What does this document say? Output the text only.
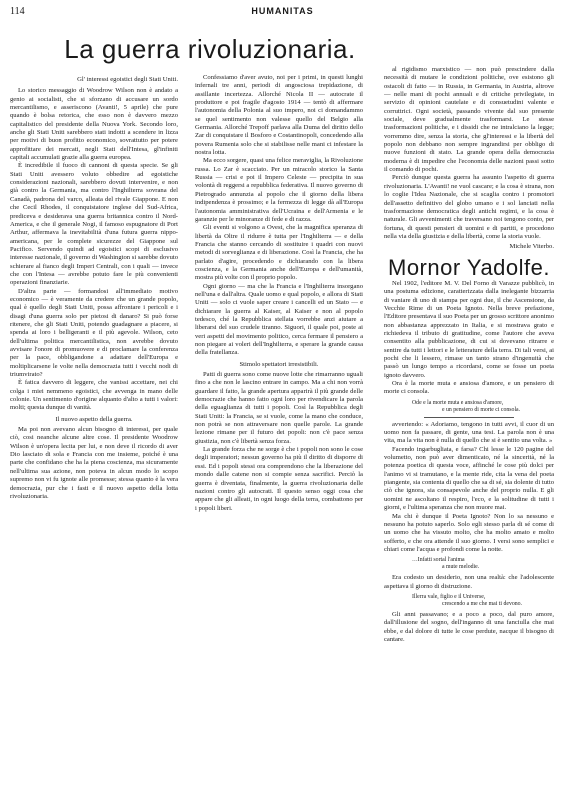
114	HUMANITAS
La guerra rivoluzionaria.
Gl' interessi egoistici degli Stati Uniti.

Lo storico messaggio di Woodrow Wilson non è andato a genio ai socialisti, che si sforzano di accusare un sordo mercantilismo, e asseriscono (Avanti!, 5 aprile) che pure quando è bolsa retorica, che esso non è davvero mezzo capitalistico del presidente della Nuova York. Secondo loro, anche gli Stati Uniti sarebbero stati indotti a scendere in lizza per motivi di buon profitto economico, sovrattutto per potere approfittare dei mercati, negli Stati dell'Intesa, gl'infiniti capitali accumulati grazie alla guerra europea.

È incredibile il fuoco di cannoni di questa specie. Se gli Stati Uniti avessero voluto obbedire ad egoistiche considerazioni nazionali, sarebbero dovuti intervenire, e non già contro la Germania, ma contro l'Inghilterra sovrana del Canadà, padrona del varco, alleata del rivale Giappone. E non che Cecil Rhodes, il conquistatore inglese del Sud-Africa, prediceva e desiderava una guerra britannica contro il Nord-America, e che il generale Nogi, il famoso espugnatore di Port Arthur, affermava la inevitabilità d'una futura guerra nippo-americana, per le complete sicurezze del Giappone sul Pacifico. Servendo quindi ad egoistici scopi di esclusivo interesse nazionale, il governo di Washington si sarebbe dovuto schierare al fianco degli Imperi Centrali, con i quali — invece che con l'Intesa — avrebbe potuto fare le più convenienti operazioni finanziarie.

D'altra parte — formandosi all'immediato motivo economico — è veramente da credere che un grande popolo, qual è quello degli Stati Uniti, possa affrontare i pericoli e i disagi d'una guerra solo per pietosi di danaro? Si può forse ritenere, che gli Stati Uniti, potendo guadagnare a piacere, si spenda ai loro i belligeranti e il più agevole. Wilson, ceto dell'ultima politica mercantilistica, non avrebbe dovuto avvisare l'onore di promuovere e di proclamare la conferenza per la pace, obbligandone a adattare dell'Europa e moltiplicarsene le volte nella democrazia tutti i vecchi nodi di triumvirato?

È fatica davvero di leggere, che vanissi accettare, nei chi colga i miei nemmeno egoistici, che avvenga in mano delle colonie. Un sentimento d'origine alquanto d'alto a tutti i valori: molti; questa dunque di vanità.

Il nuovo aspetto della guerra.

Ma poi non avevano alcun bisogno di interessi, per quale ciò, cosi neanche alcune altre cose. Il presidente Woodrow Wilson è un'opera lecita per lui, e non deve il ricordo di aver Dio lasciato di sola e Francia con me insieme, poiché è una parte che confidano che ha la piena coscienza, ma sicuramente nell'ultima sua azione, non poteva in alcun modo lo scopo supremo non vi fu ignote alle promesse; stessa quanto è la vera democrazia, pur che i fasti e il nuovo aspetto della lotta rivoluzionaria.

Confessiamo d'aver avuto, noi per i primi, in questi lunghi infernali tre anni, periodi di angosciosa trepidazione, di assillante incertezza. Allorché Nicola II — autocrate il produttore e poi fragile d'agosto 1914 — tentò di affermare l'autonomia della Polonia al suo impero, noi ci domandammo se quel sentimento non valesse quello del Belgio alla Germania. Allorché Trepoff parlava alla Duma del diritto dello Zar di conquistare il Bosforo e Costantinopoli, concedendo alla povera Rumenia solo che si stabilisse nelle mani ci infestare la nostra lotta.

Ma ecco sorgere, quasi una felice meraviglia, la Rivoluzione russa. Lo Zar è scacciato. Per un miracolo storico la Santa Russia — crisi e poi il Impero Celeste — precipita in sua volontà di reggersi a repubblica federativa. Il nuovo governo di Pietrogrado annunzia al popolo che il giorno della libera indipendenza è prossimo; e la fermezza di legge dà all'Europa l'autonomia amministrativa dell'Ucraina e dell'Armenia e le garanzie per le minoranze di fede e di razza.

Gli eventi si volgono a Ovest, che la magnifica speranza di libertà da Oltre il ridurre è tutta per l'Inghilterra — e della Francia che stanno cercando di sostituire i quadri con nuovi metodi di sorveglianza e di liberazione. Così la Francia, che ha parlato d'agire, procedendo e dichiarando con la libera coscienza, e la Germania anche dell'Europa e dell'umanità, mostra più volte con il proprio popolo.

Ogni giorno — ma che la Francia e l'Inghilterra insorgano nell'una e dall'altra. Quale uomo e qual popolo, e allora di Stati Uniti — solo ci vuole saper creare i cancelli ed un Stato — e dichiarare la guerra al Kaiser, al Kaiser e non al popolo tedesco, ché la Repubblica stellata vorrebbe anzi aiutare a liberarsi del suo crudele tiranno. Siguori, il quale poi, poste ai veri aspetti del movimento politico, cerca fermare il pensiero a non piegare ai voleri dell'Inghilterra, e sperare la grande causa della fratellanza.

Stimolo spettatori irresistibili.

Patti di guerra sono come nuove lotte che rimarranno uguali fino a che non le lascino entrare in campo. Ma a chi non vorrà guardare il fatto, la grande apertura apparirà il più grande delle democrazie che hanno fatto ogni loro per rivendicare la parola della eguaglianza di tutti i popoli. Così la Repubblica degli Stati Uniti: la Francia, se si vuole, come la mano che conduce, non potrà se non attraversare non quelle parole. La grande lezione rimane per il futuro dei popoli: non c'è pace senza giustizia, non c'è libertà senza forza.

La grande forza che ne sorge è che i popoli non sono le cose degli imperatori; nessun governo ha più il diritto di disporre di essi. Ed i popoli stessi ora comprendono che la liberazione del mondo dalle catene non si compie senza sacrifici. Perciò la guerra è diventata, finalmente, la guerra rivoluzionaria delle nazioni contro gli autocrati. Il questo senso oggi cosa che appare che gli alleati, in ogni luogo della terra, combattono per i popoli liberi.

al rigidismo marxistico — non può prescindere dalla necessità di mutare le condizioni politiche, ove esistono gli ostacoli di fatto — in Russia, in Germania, in Austria, altrove — nelle mani di pochi annuali e di critiche privilegiate, in servizio di opinioni cautelate e di consuetudini valente e corruttrici. Ogni società, passando vivente dal suo presente sociale, deve gradualmente trasformarsi. Le stesse trasformazioni politiche, e i dissidi che ne intralciano la legge; vorremmo dire, senza la storia, che gl'interessi e la libertà del popolo non debbano non sempre ingrandirsi per obbligo di nuove funzioni di stato. La grande opera della democrazia moderna è di impedire che l'economia delle nazioni passi sotto il comando di pochi.

Perciò dunque questa guerra ha assunto l'aspetto di guerra rivoluzionaria. L'Avanti! ne vuol cascare; e la cosa è strana, non lo coglie l'Idea Nazionale, che si scaglia contro i promotori dell'assetto definitivo del globo umano e i sol lanciati nella trasformazione democratica degli antichi regimi, e la cosa è naturale. Gli avvenimenti che traversano noi tengono conto, per fortuna, di questi pensieri di uomini e di partiti, e procedono nella via della giustizia e della libertà, come la storia vuole.

Michele Viterbo.
Mornor Yadolfe.

Nel 1902, l'editore M. V. Del Forno di Varazze pubblicò, in una postuma edizione, caratterizzata dalla inelegante bizzarria di vaniare di uno di stampa per ogni due, il che Ascensione, da Vecchie Rime di un Poeta Ignoto. Nella breve prefazione, l'Editore presentava il suo Poeta per un grosso scrittore anonimo non abbastanza apprezzato in Italia, e si mostrava grato e richiedeva il tributo di gratitudine, come l'autore che aveva consentito alla pubblicazione, di cui si dovevano ritrarre e sentire da tutti i lettori e le letterature della terra. Di tali versi, ai pochi che li lessero, rimase un tanto strano d'ingenuità che passò un lungo tempo a ricordarsi, come se fosse un poeta ignoto davvero.

Ora è la morte muta e ansiosa d'amore, e un pensiero di morte ci consola.

Ode e la morte muta e ansiosa d'amore,
e un pensiero di morte ci consola.

avvertendo: « Adoriamo, tengono in tutti avvi, il cuor di un uomo non fa passare, di gente, una tesi. La parola non è una vita, ma la vita non è nulla di quello che si è sentito una volta. »

Facendo ingarbugliata, e farsa? Chi lesse le 120 pagine del volumetto, non può aver dimenticato, né la sincerità, né la potenza poetica di questa voce, affinché le cose più dolci per l'animo vi si tramutano, e la mente ride, cita la vena del poeta piangente, sia contenta di quello che sa di sé, sia dolente di tutto ciò che ignora, sia consapevole anche del proprio nulla. E gli uomini ne ascoltano il respiro, l'eco, e la solitudine di tutti i giorni, e l'ultima speranza che non muore mai.

Ma chi è dunque il Poeta Ignoto? Non lo sa nessuno e nessuno ha potuto saperlo. Solo egli stesso parla di sé come di un uomo che ha vissuto molto, che ha molto amato e molto sofferto, e che ora attende il suo giorno. I versi sono semplici e chiari come l'acqua e profondi come la notte.

…Infatti sortal l'anima
a mute melodie.

Era codesto un desiderio, non una realtà: che l'adolescente aspettava il giorno di distruzione.

Illerra vale, figlio e il Universe,
crescendo a me che mai ti devono.

Gli anni passavano; e a poco a poco, dal puro amore, dall'illusione del sogno, dell'inganno di una fanciulla che mai ebbe, e dal dolore di tutte le cose perdute, nacque il bisogno di cantare.
